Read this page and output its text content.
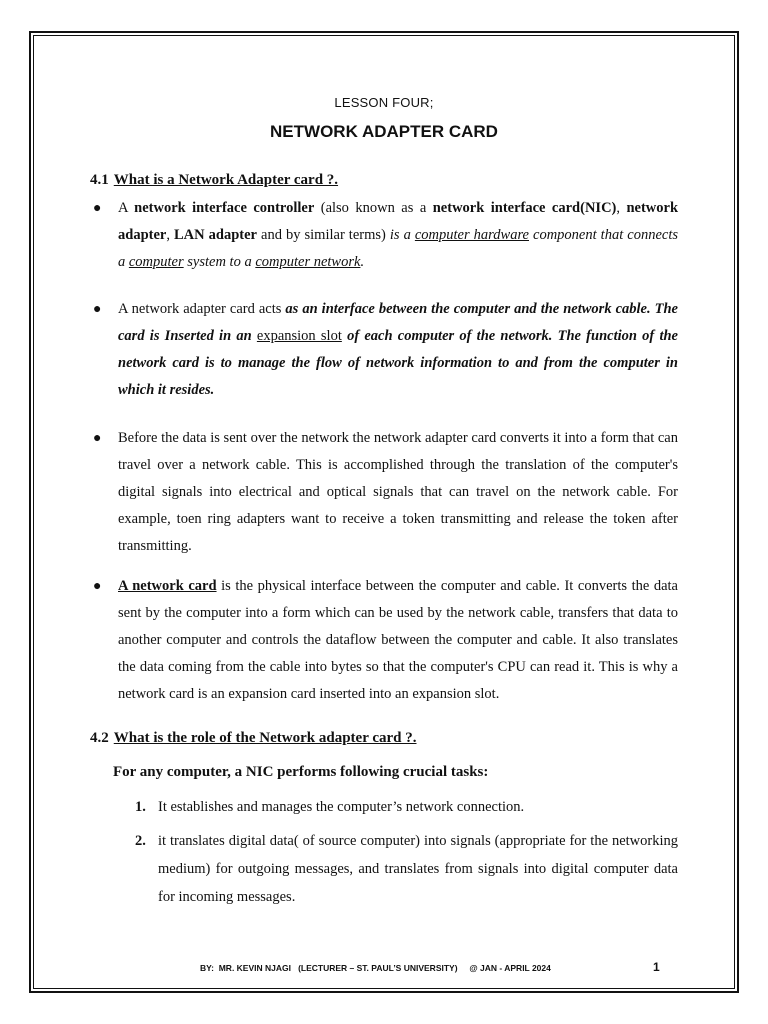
LESSON FOUR;
NETWORK ADAPTER CARD
4.1 What is a Network Adapter card ?.
● A network interface controller (also known as a network interface card(NIC), network adapter, LAN adapter and by similar terms) is a computer hardware component that connects a computer system to a computer network.
● A network adapter card acts as an interface between the computer and the network cable. The card is Inserted in an expansion slot of each computer of the network. The function of the network card is to manage the flow of network information to and from the computer in which it resides.
● Before the data is sent over the network the network adapter card converts it into a form that can travel over a network cable. This is accomplished through the translation of the computer's digital signals into electrical and optical signals that can travel on the network cable. For example, toen ring adapters want to receive a token transmitting and release the token after transmitting.
● A network card is the physical interface between the computer and cable. It converts the data sent by the computer into a form which can be used by the network cable, transfers that data to another computer and controls the dataflow between the computer and cable. It also translates the data coming from the cable into bytes so that the computer's CPU can read it. This is why a network card is an expansion card inserted into an expansion slot.
4.2 What is the role of the Network adapter card ?.
For any computer, a NIC performs following crucial tasks:
1. It establishes and manages the computer’s network connection.
2. it translates digital data( of source computer) into signals (appropriate for the networking medium) for outgoing messages, and translates from signals into digital computer data for incoming messages.
BY:  MR. KEVIN NJAGI   (LECTURER – ST. PAUL’S UNIVERSITY)     @ JAN - APRIL 2024	1
